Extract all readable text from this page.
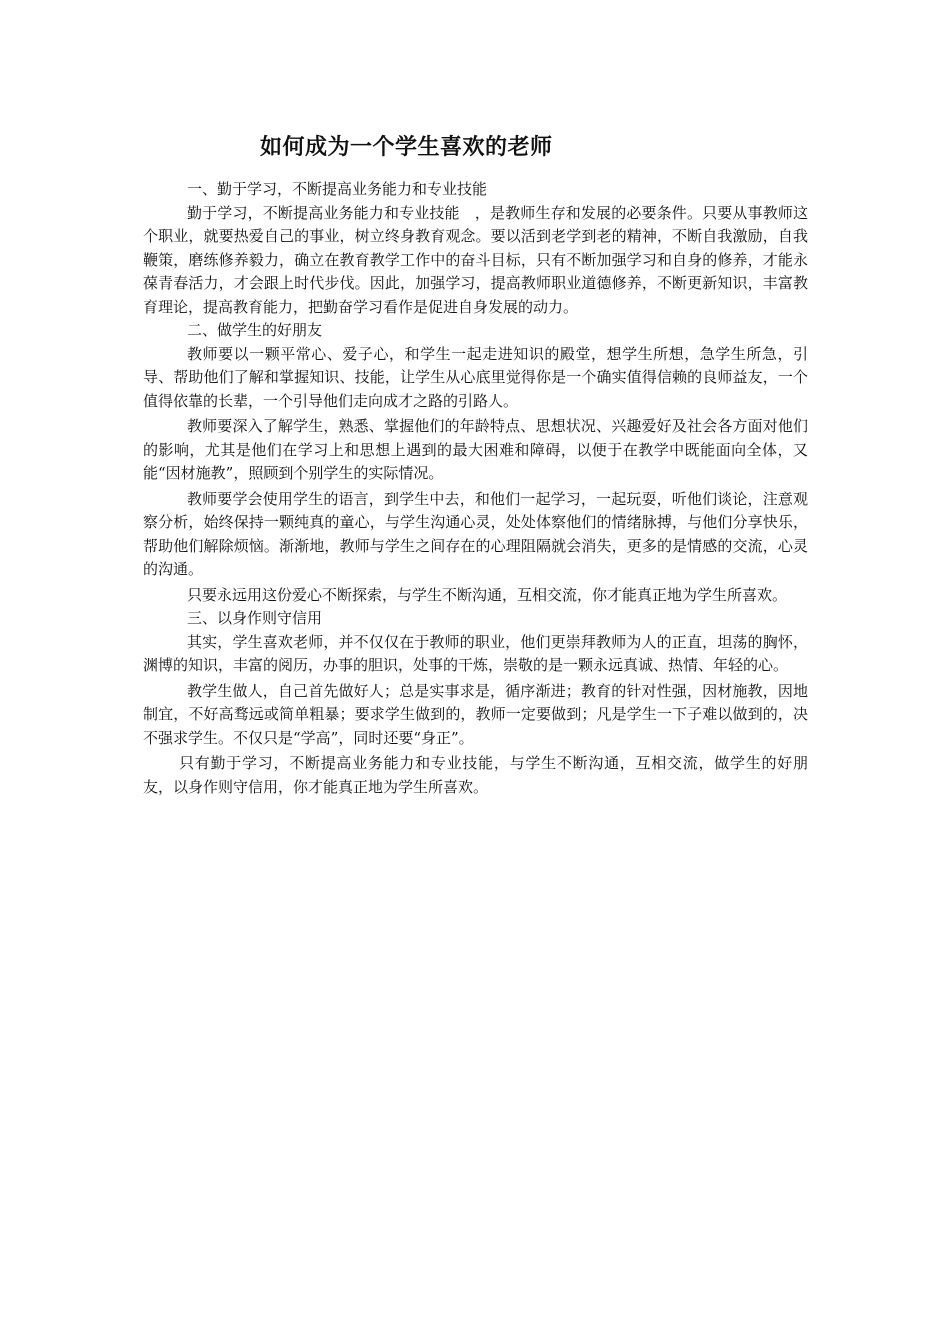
如何成为一个学生喜欢的老师

一、勤于学习，不断提高业务能力和专业技能

勤于学习，不断提高业务能力和专业技能　，是教师生存和发展的必要条件。只要从事教师这个职业，就要热爱自己的事业，树立终身教育观念。要以活到老学到老的精神，不断自我激励，自我鞭策，磨练修养毅力，确立在教育教学工作中的奋斗目标，只有不断加强学习和自身的修养，才能永葆青春活力，才会跟上时代步伐。因此，加强学习，提高教师职业道德修养，不断更新知识，丰富教育理论，提高教育能力，把勤奋学习看作是促进自身发展的动力。

二、做学生的好朋友

教师要以一颗平常心、爱子心，和学生一起走进知识的殿堂，想学生所想，急学生所急，引导、帮助他们了解和掌握知识、技能，让学生从心底里觉得你是一个确实值得信赖的良师益友，一个值得依靠的长辈，一个引导他们走向成才之路的引路人。

教师要深入了解学生，熟悉、掌握他们的年龄特点、思想状况、兴趣爱好及社会各方面对他们的影响，尤其是他们在学习上和思想上遇到的最大困难和障碍，以便于在教学中既能面向全体，又能“因材施教”，照顾到个别学生的实际情况。

教师要学会使用学生的语言，到学生中去，和他们一起学习，一起玩耍，听他们谈论，注意观察分析，始终保持一颗纯真的童心，与学生沟通心灵，处处体察他们的情绪脉搏，与他们分享快乐，帮助他们解除烦恼。渐渐地，教师与学生之间存在的心理阻隔就会消失，更多的是情感的交流，心灵的沟通。

只要永远用这份爱心不断探索，与学生不断沟通，互相交流，你才能真正地为学生所喜欢。

三、以身作则守信用

其实，学生喜欢老师，并不仅仅在于教师的职业，他们更崇拜教师为人的正直，坦荡的胸怀，渊博的知识，丰富的阅历，办事的胆识，处事的干炼，崇敬的是一颗永远真诚、热情、年轻的心。

教学生做人，自己首先做好人；总是实事求是，循序渐进；教育的针对性强，因材施教，因地制宜，不好高骛远或简单粗暴；要求学生做到的，教师一定要做到；凡是学生一下子难以做到的，决不强求学生。不仅只是“学高”，同时还要“身正”。

只有勤于学习，不断提高业务能力和专业技能，与学生不断沟通，互相交流，做学生的好朋友，以身作则守信用，你才能真正地为学生所喜欢。
